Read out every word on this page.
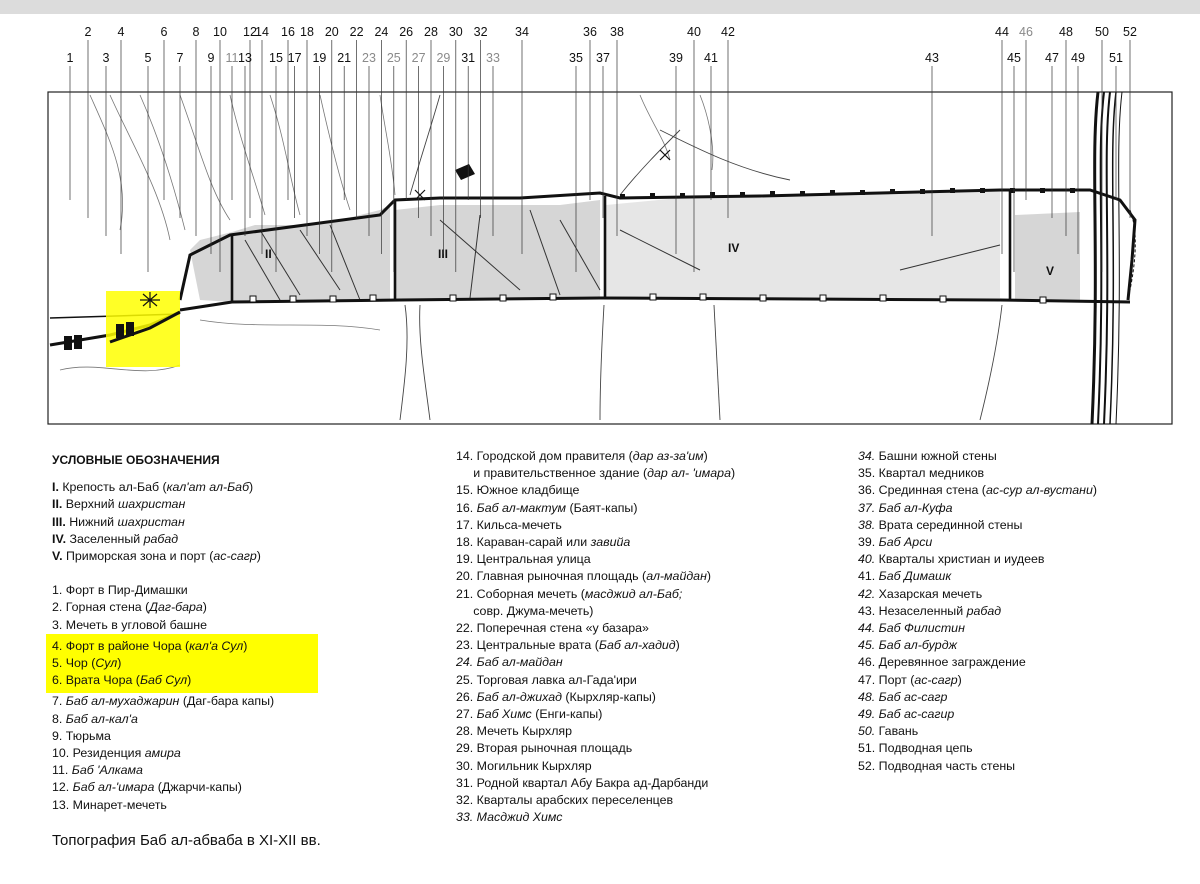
II	III	IV
V
1
2
3
4
5
6
7
8
9
10
11
12
13
14
15
16
17
18
19
20
21
22
23
24
25
26
27
28
29
30
31
32
33
34
35
36
37
38
39
40
41
42
43
44
45
46
47
48
49
50
51
52
УСЛОВНЫЕ ОБОЗНАЧЕНИЯ
I. Крепость ал-Баб (кал'ат ал-Баб)
II. Верхний шахристан
III. Нижний шахристан
IV. Заселенный рабад
V. Приморская зона и порт (ас-сагр)
1. Форт в Пир-Димашки
2. Горная стена (Даг-бара)
3. Мечеть в угловой башне
4. Форт в районе Чора (кал'а Сул)
5. Чор (Сул)
6. Врата Чора (Баб Сул)
7. Баб ал-мухаджарин (Даг-бара капы)
8. Баб ал-кал'а
9. Тюрьма
10. Резиденция амира
11. Баб 'Алкама
12. Баб ал-'имара (Джарчи-капы)
13. Минарет-мечеть
14. Городской дом правителя (дар аз-за'им)
и правительственное здание (дар ал- 'имара)
15. Южное кладбище
16. Баб ал-мактум (Баят-капы)
17. Кильса-мечеть
18. Караван-сарай или завийа
19. Центральная улица
20. Главная рыночная площадь (ал-майдан)
21. Соборная мечеть (масджид ал-Баб;
совр. Джума-мечеть)
22. Поперечная стена «у базара»
23. Центральные врата (Баб ал-хадид)
24. Баб ал-майдан
25. Торговая лавка ал-Гада'ири
26. Баб ал-джихад (Кырхляр-капы)
27. Баб Химс (Енги-капы)
28. Мечеть Кырхляр
29. Вторая рыночная площадь
30. Могильник Кырхляр
31. Родной квартал Абу Бакра ад-Дарбанди
32. Кварталы арабских переселенцев
33. Масджид Химс
34. Башни южной стены
35. Квартал медников
36. Срединная стена (ас-сур ал-вустани)
37. Баб ал-Куфа
38. Врата серединной стены
39. Баб Арси
40. Кварталы христиан и иудеев
41. Баб Димашк
42. Хазарская мечеть
43. Незаселенный рабад
44. Баб Филистин
45. Баб ал-бурдж
46. Деревянное заграждение
47. Порт (ас-сагр)
48. Баб ас-сагр
49. Баб ас-сагир
50. Гавань
51. Подводная цепь
52. Подводная часть стены
Топография Баб ал-абваба в XI-XII вв.
